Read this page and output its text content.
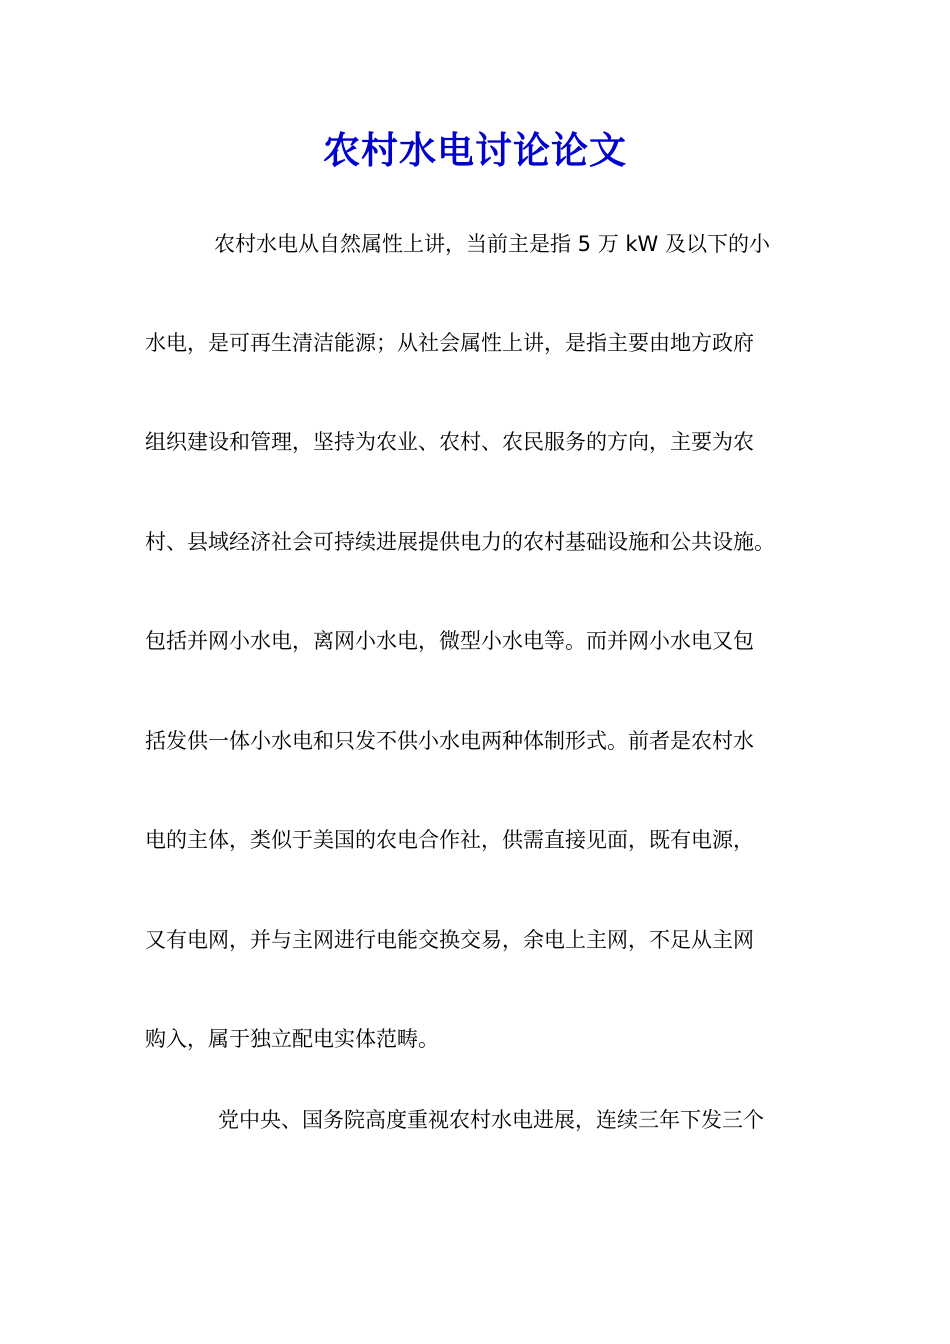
农村水电讨论论文
农村水电从自然属性上讲，当前主是指 5 万 kW 及以下的小
水电，是可再生清洁能源；从社会属性上讲，是指主要由地方政府
组织建设和管理，坚持为农业、农村、农民服务的方向，主要为农
村、县域经济社会可持续进展提供电力的农村基础设施和公共设施。
包括并网小水电，离网小水电，微型小水电等。而并网小水电又包
括发供一体小水电和只发不供小水电两种体制形式。前者是农村水
电的主体，类似于美国的农电合作社，供需直接见面，既有电源，
又有电网，并与主网进行电能交换交易，余电上主网，不足从主网
购入，属于独立配电实体范畴。
党中央、国务院高度重视农村水电进展，连续三年下发三个
